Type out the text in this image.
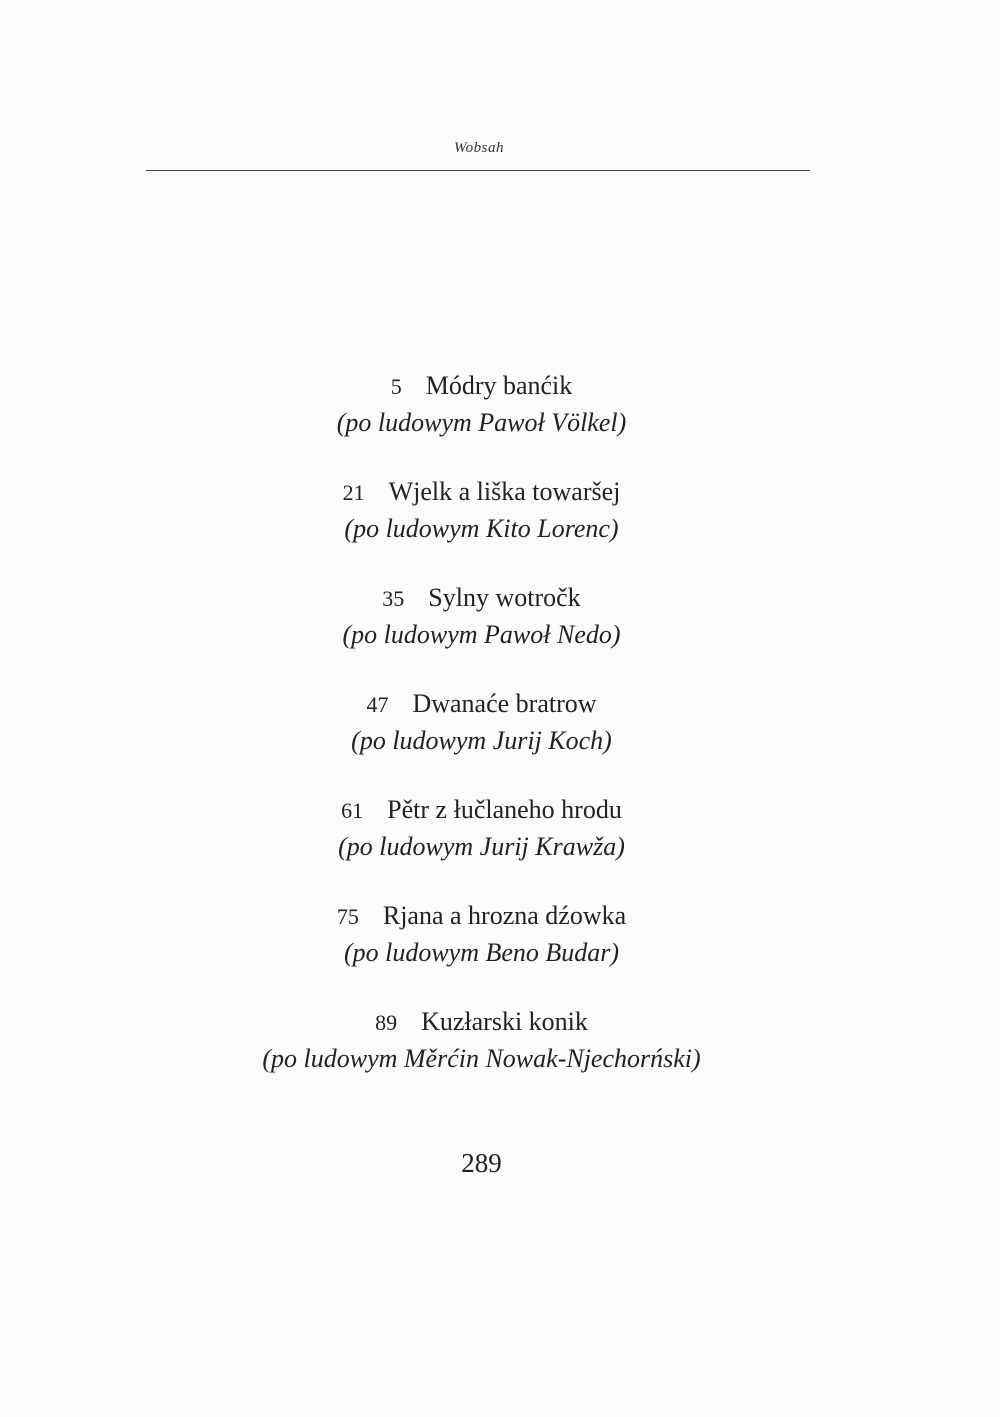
Wobsah
5 Módry banćik
(po ludowym Pawoł Völkel)
21 Wjelk a liška towaršej
(po ludowym Kito Lorenc)
35 Sylny wotročk
(po ludowym Pawoł Nedo)
47 Dwanaće bratrow
(po ludowym Jurij Koch)
61 Pětr z łučlaneho hrodu
(po ludowym Jurij Krawža)
75 Rjana a hrozna dźowka
(po ludowym Beno Budar)
89 Kuzłarski konik
(po ludowym Měrćin Nowak-Njechorński)
289
